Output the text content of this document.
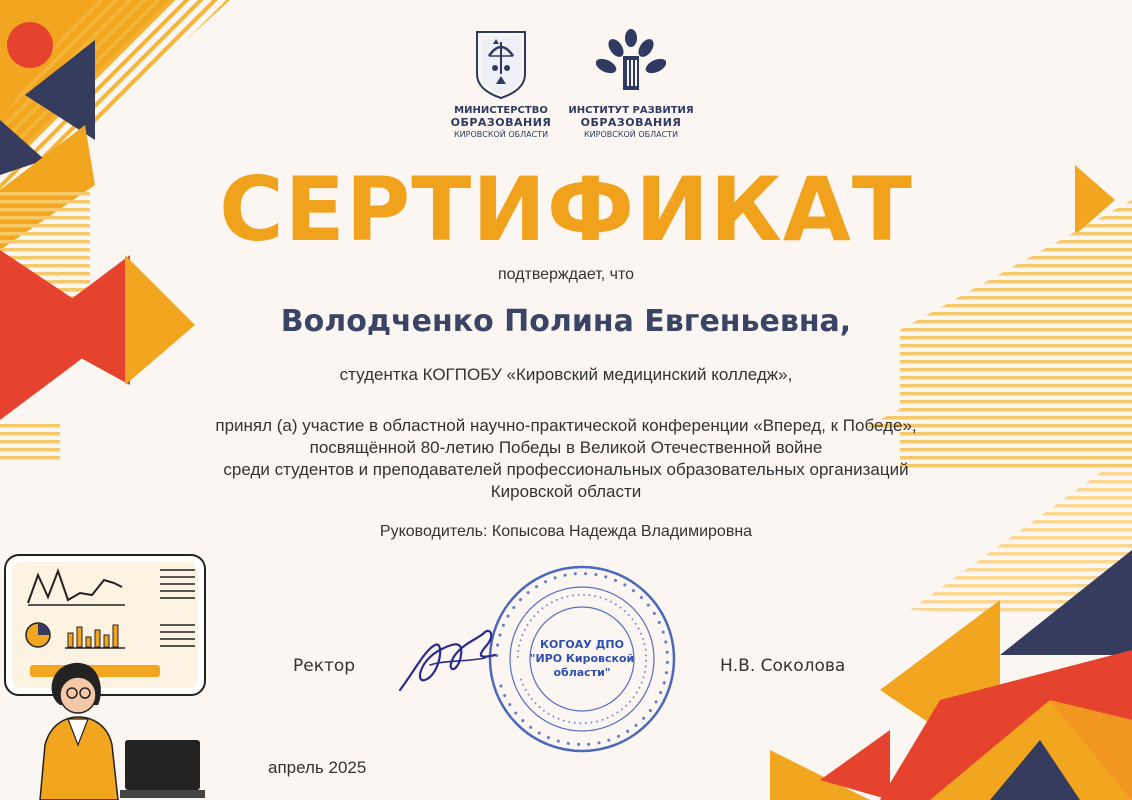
МИНИСТЕРСТВО
ОБРАЗОВАНИЯ
КИРОВСКОЙ ОБЛАСТИ
ИНСТИТУТ РАЗВИТИЯ
ОБРАЗОВАНИЯ
КИРОВСКОЙ ОБЛАСТИ
СЕРТИФИКАТ
подтверждает, что
Володченко Полина Евгеньевна,
студентка КОГПОБУ «Кировский медицинский колледж»,
принял (а) участие в областной научно-практической конференции «Вперед, к Победе»,
посвящённой 80-летию Победы в Великой Отечественной войне
среди студентов и преподавателей профессиональных образовательных организаций
Кировской области
Руководитель: Копысова Надежда Владимировна
∙∙∙∙∙∙∙∙∙∙∙∙∙∙∙∙∙∙∙∙∙∙∙∙∙∙∙∙∙∙∙∙∙∙∙∙∙∙∙∙∙∙∙∙∙∙∙∙∙∙
∙∙∙∙∙∙∙∙∙∙∙∙∙∙∙∙∙∙∙∙∙∙∙∙∙∙∙∙∙∙∙∙∙∙∙∙∙∙∙∙∙∙∙∙∙∙∙∙∙∙∙∙∙∙∙∙∙∙∙∙∙∙∙∙∙∙∙∙∙
КОГОАУ ДПО
"ИРО Кировской
области"
Ректор	Н.В. Соколова
апрель 2025
